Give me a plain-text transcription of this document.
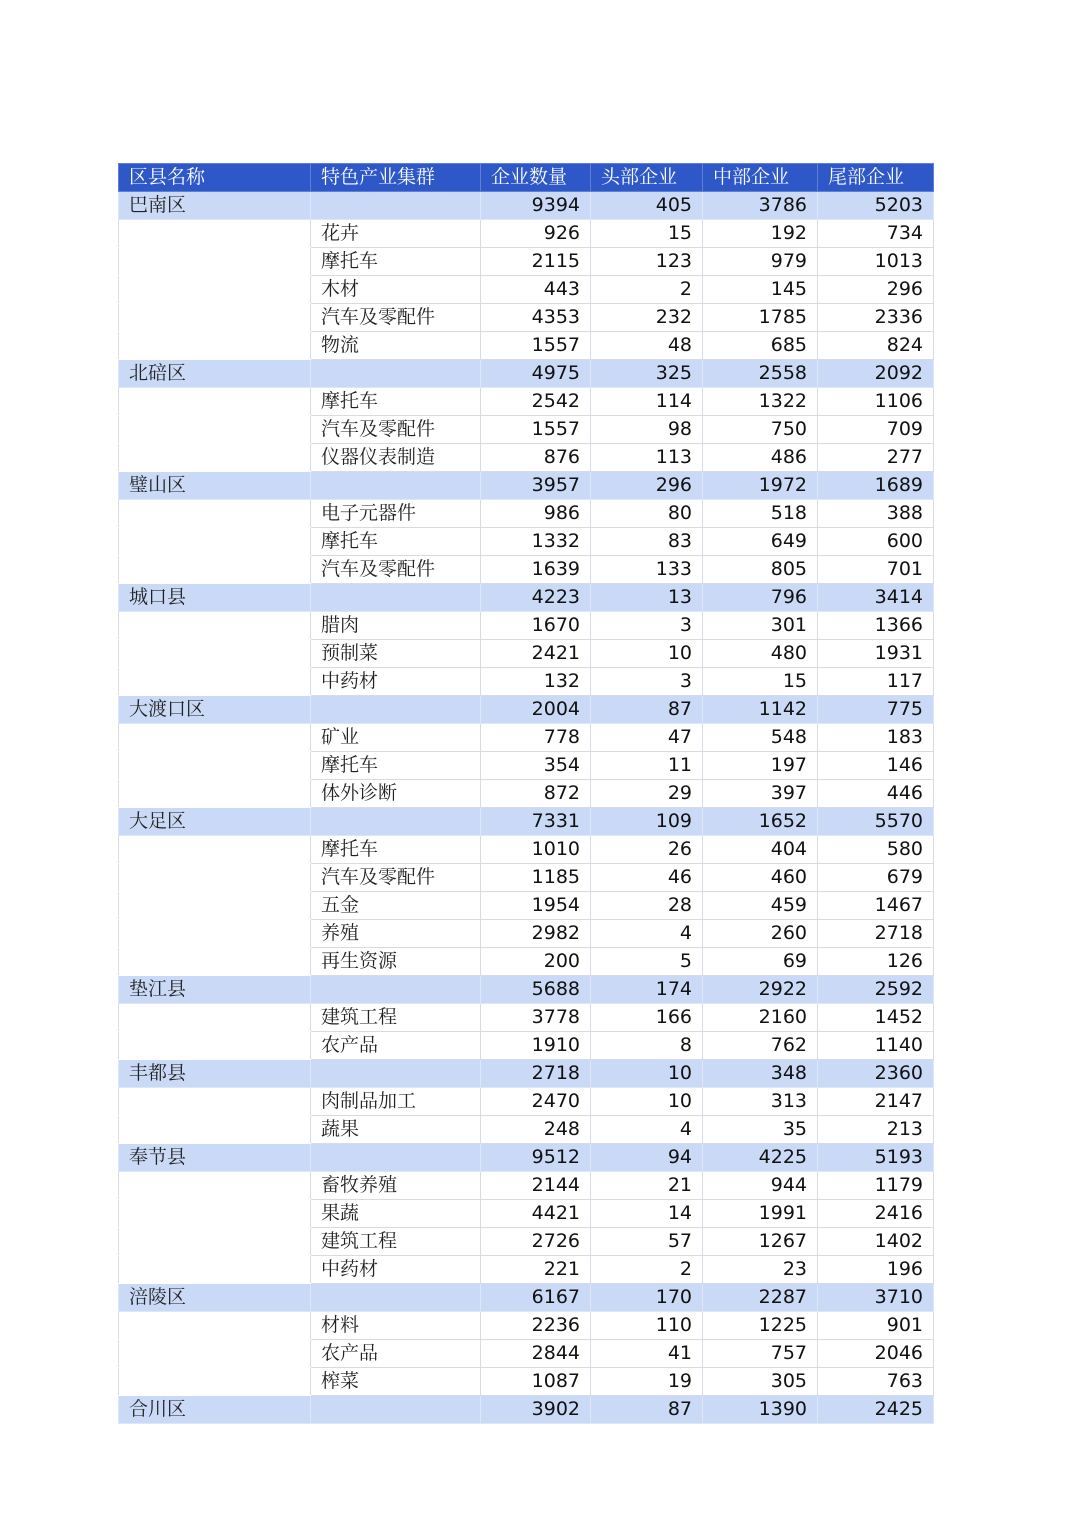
区县名称	特色产业集群	企业数量	头部企业	中部企业	尾部企业
巴南区		9394	405	3786	5203
	花卉	926	15	192	734
	摩托车	2115	123	979	1013
	木材	443	2	145	296
	汽车及零配件	4353	232	1785	2336
	物流	1557	48	685	824
北碚区		4975	325	2558	2092
	摩托车	2542	114	1322	1106
	汽车及零配件	1557	98	750	709
	仪器仪表制造	876	113	486	277
璧山区		3957	296	1972	1689
	电子元器件	986	80	518	388
	摩托车	1332	83	649	600
	汽车及零配件	1639	133	805	701
城口县		4223	13	796	3414
	腊肉	1670	3	301	1366
	预制菜	2421	10	480	1931
	中药材	132	3	15	117
大渡口区		2004	87	1142	775
	矿业	778	47	548	183
	摩托车	354	11	197	146
	体外诊断	872	29	397	446
大足区		7331	109	1652	5570
	摩托车	1010	26	404	580
	汽车及零配件	1185	46	460	679
	五金	1954	28	459	1467
	养殖	2982	4	260	2718
	再生资源	200	5	69	126
垫江县		5688	174	2922	2592
	建筑工程	3778	166	2160	1452
	农产品	1910	8	762	1140
丰都县		2718	10	348	2360
	肉制品加工	2470	10	313	2147
	蔬果	248	4	35	213
奉节县		9512	94	4225	5193
	畜牧养殖	2144	21	944	1179
	果蔬	4421	14	1991	2416
	建筑工程	2726	57	1267	1402
	中药材	221	2	23	196
涪陵区		6167	170	2287	3710
	材料	2236	110	1225	901
	农产品	2844	41	757	2046
	榨菜	1087	19	305	763
合川区		3902	87	1390	2425
